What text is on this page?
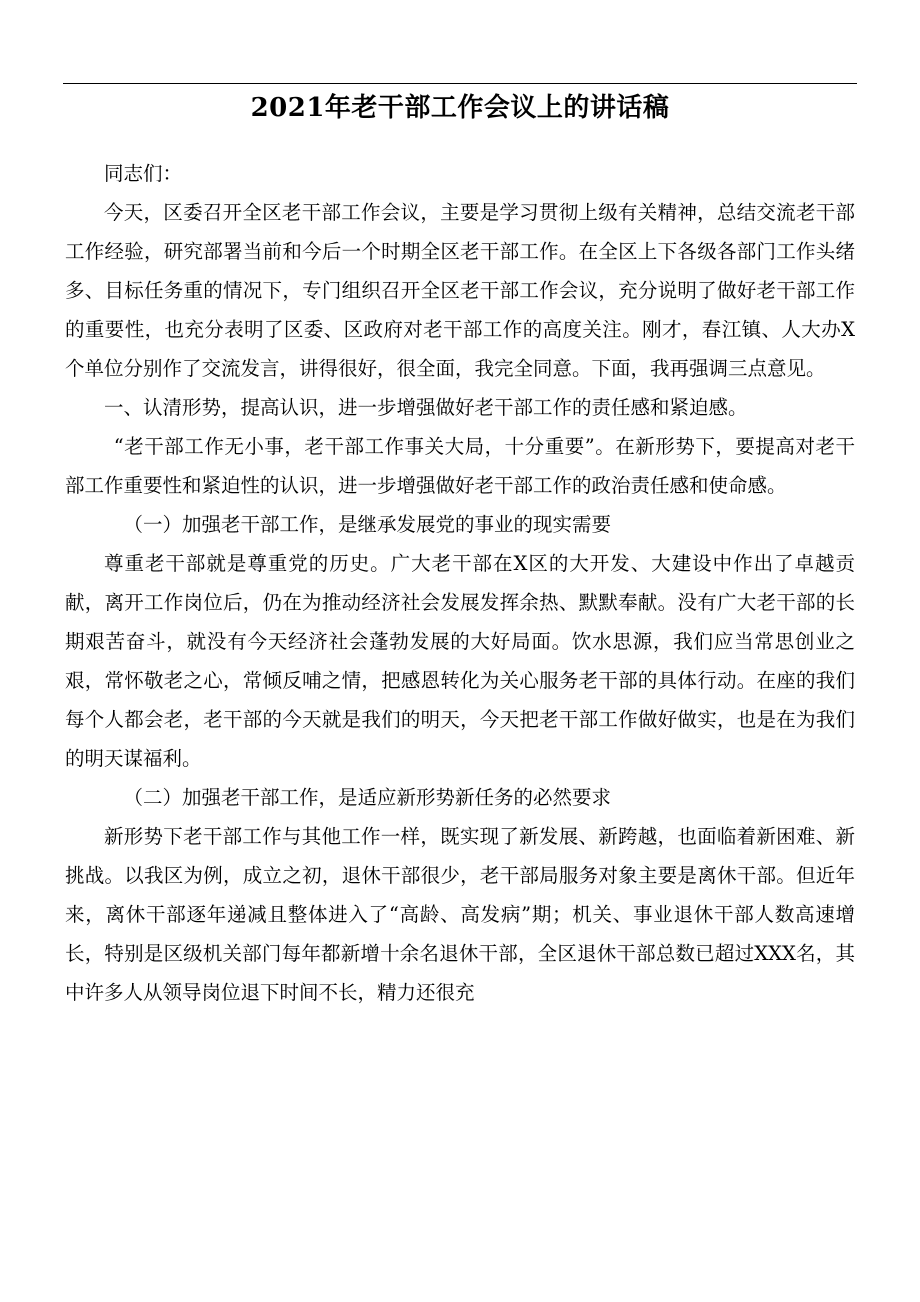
2021年老干部工作会议上的讲话稿

同志们：

今天，区委召开全区老干部工作会议，主要是学习贯彻上级有关精神，总结交流老干部工作经验，研究部署当前和今后一个时期全区老干部工作。在全区上下各级各部门工作头绪多、目标任务重的情况下，专门组织召开全区老干部工作会议，充分说明了做好老干部工作的重要性，也充分表明了区委、区政府对老干部工作的高度关注。刚才，春江镇、人大办X个单位分别作了交流发言，讲得很好，很全面，我完全同意。下面，我再强调三点意见。

一、认清形势，提高认识，进一步增强做好老干部工作的责任感和紧迫感。

“老干部工作无小事，老干部工作事关大局，十分重要”。在新形势下，要提高对老干部工作重要性和紧迫性的认识，进一步增强做好老干部工作的政治责任感和使命感。

（一）加强老干部工作，是继承发展党的事业的现实需要

尊重老干部就是尊重党的历史。广大老干部在X区的大开发、大建设中作出了卓越贡献，离开工作岗位后，仍在为推动经济社会发展发挥余热、默默奉献。没有广大老干部的长期艰苦奋斗，就没有今天经济社会蓬勃发展的大好局面。饮水思源，我们应当常思创业之艰，常怀敬老之心，常倾反哺之情，把感恩转化为关心服务老干部的具体行动。在座的我们每个人都会老，老干部的今天就是我们的明天，今天把老干部工作做好做实，也是在为我们的明天谋福利。

（二）加强老干部工作，是适应新形势新任务的必然要求

新形势下老干部工作与其他工作一样，既实现了新发展、新跨越，也面临着新困难、新挑战。以我区为例，成立之初，退休干部很少，老干部局服务对象主要是离休干部。但近年来，离休干部逐年递减且整体进入了“高龄、高发病”期；机关、事业退休干部人数高速增长，特别是区级机关部门每年都新增十余名退休干部，全区退休干部总数已超过XXX名，其中许多人从领导岗位退下时间不长，精力还很充
